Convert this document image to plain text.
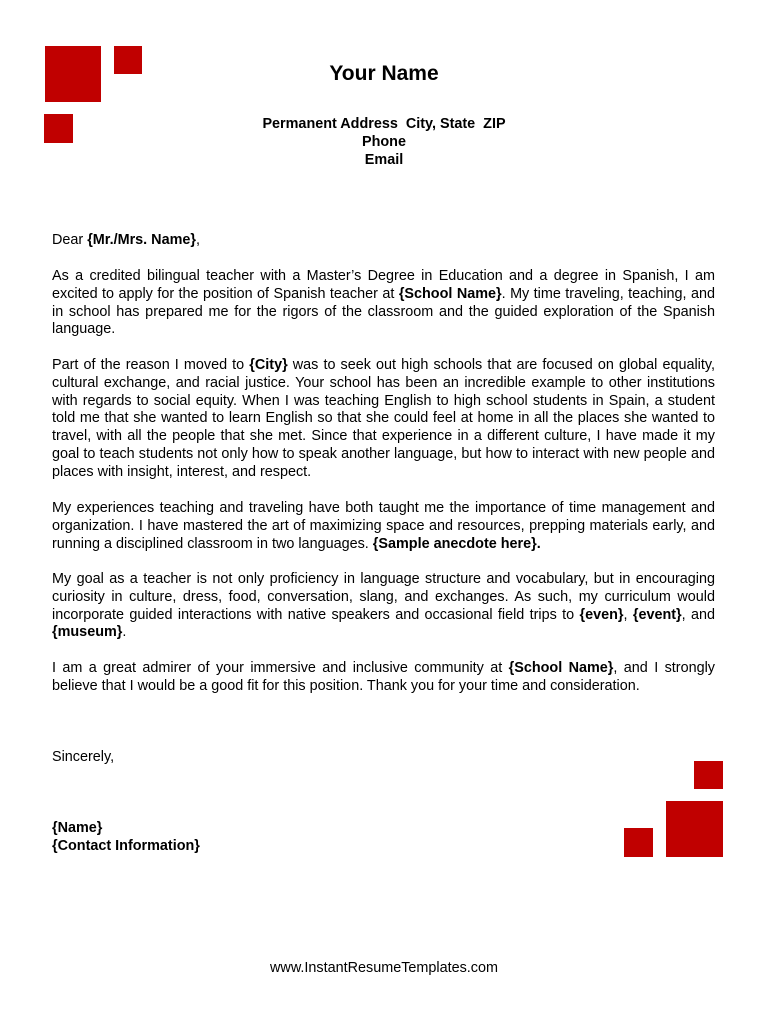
Your Name
Permanent Address  City, State  ZIP
Phone
Email

Dear {Mr./Mrs. Name},

As a credited bilingual teacher with a Master’s Degree in Education and a degree in Spanish, I am excited to apply for the position of Spanish teacher at {School Name}. My time traveling, teaching, and in school has prepared me for the rigors of the classroom and the guided exploration of the Spanish language.

Part of the reason I moved to {City} was to seek out high schools that are focused on global equality, cultural exchange, and racial justice. Your school has been an incredible example to other institutions with regards to social equity. When I was teaching English to high school students in Spain, a student told me that she wanted to learn English so that she could feel at home in all the places she wanted to travel, with all the people that she met. Since that experience in a different culture, I have made it my goal to teach students not only how to speak another language, but how to interact with new people and places with insight, interest, and respect.

My experiences teaching and traveling have both taught me the importance of time management and organization. I have mastered the art of maximizing space and resources, prepping materials early, and running a disciplined classroom in two languages. {Sample anecdote here}.

My goal as a teacher is not only proficiency in language structure and vocabulary, but in encouraging curiosity in culture, dress, food, conversation, slang, and exchanges. As such, my curriculum would incorporate guided interactions with native speakers and occasional field trips to {even}, {event}, and {museum}.

I am a great admirer of your immersive and inclusive community at {School Name}, and I strongly believe that I would be a good fit for this position. Thank you for your time and consideration.

Sincerely,
{Name}
{Contact Information}
www.InstantResumeTemplates.com
